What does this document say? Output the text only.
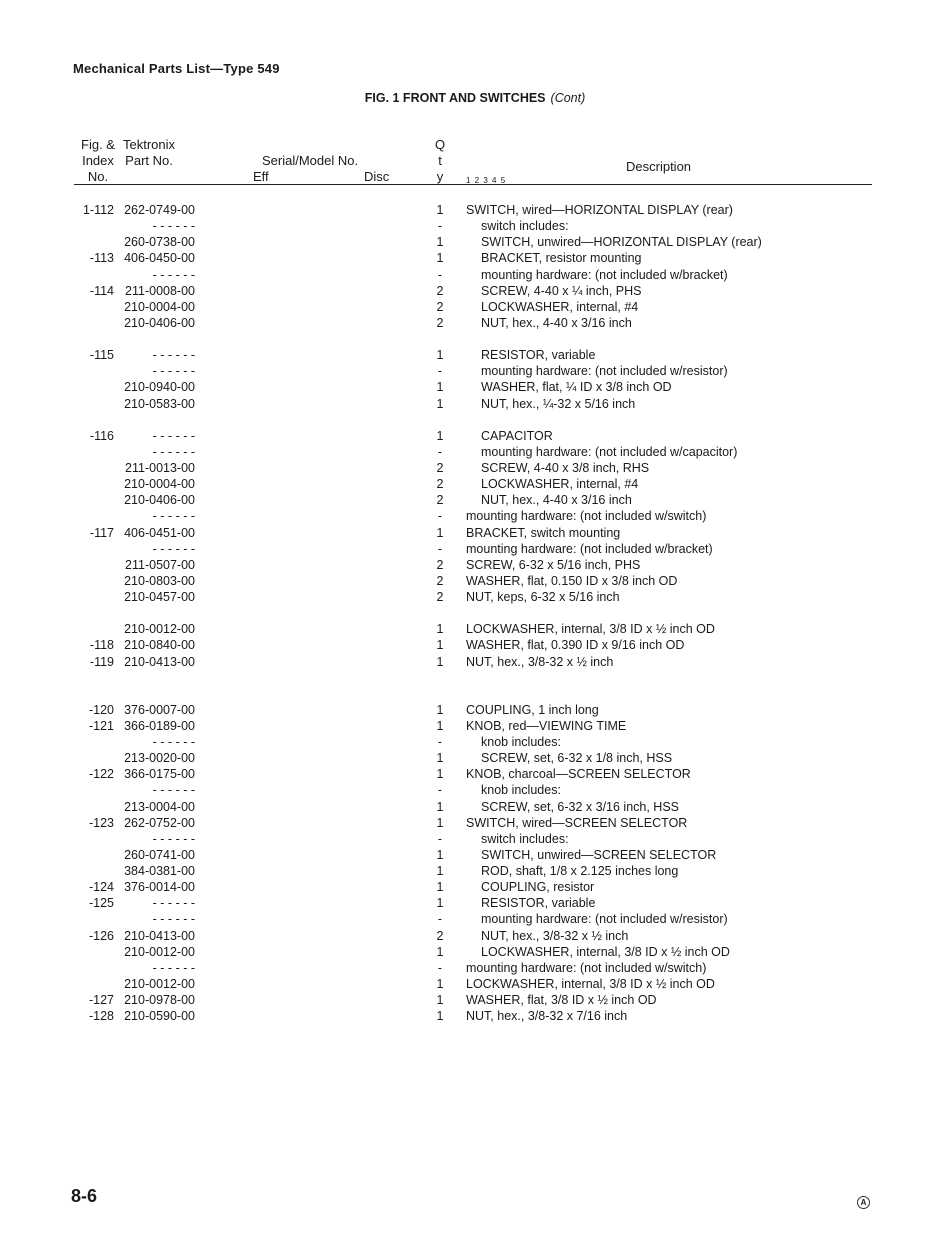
Mechanical Parts List—Type 549
FIG. 1 FRONT AND SWITCHES (Cont)
Fig. &
Index
No.
Tektronix
Part No.	Serial/Model No.
Eff	Disc
Q
t
y	1 2 3 4 5
Description
1-112 262-0749-00	1 SWITCH, wired—HORIZONTAL DISPLAY (rear)
- - - - - -	-	switch includes:
260-0738-00	1	SWITCH, unwired—HORIZONTAL DISPLAY (rear)
-113 406-0450-00	1	BRACKET, resistor mounting
- - - - - -	-	mounting hardware: (not included w/bracket)
-114 211-0008-00	2	SCREW, 4-40 x ¼ inch, PHS
210-0004-00	2	LOCKWASHER, internal, #4
210-0406-00	2	NUT, hex., 4-40 x 3/16 inch
-115	- - - - - -	1	RESISTOR, variable
- - - - - -	-	mounting hardware: (not included w/resistor)
210-0940-00	1	WASHER, flat, ¼ ID x 3/8 inch OD
210-0583-00	1	NUT, hex., ¼-32 x 5/16 inch
-116	- - - - - -	1	CAPACITOR
- - - - - -	-	mounting hardware: (not included w/capacitor)
211-0013-00	2	SCREW, 4-40 x 3/8 inch, RHS
210-0004-00	2	LOCKWASHER, internal, #4
210-0406-00	2	NUT, hex., 4-40 x 3/16 inch
- - - - - -	-	mounting hardware: (not included w/switch)
-117 406-0451-00	1 BRACKET, switch mounting
- - - - - -	-	mounting hardware: (not included w/bracket)
211-0507-00	2 SCREW, 6-32 x 5/16 inch, PHS
210-0803-00	2 WASHER, flat, 0.150 ID x 3/8 inch OD
210-0457-00	2 NUT, keps, 6-32 x 5/16 inch
210-0012-00	1 LOCKWASHER, internal, 3/8 ID x ½ inch OD
-118 210-0840-00	1 WASHER, flat, 0.390 ID x 9/16 inch OD
-119 210-0413-00	1 NUT, hex., 3/8-32 x ½ inch
-120 376-0007-00	1 COUPLING, 1 inch long
-121 366-0189-00	1 KNOB, red—VIEWING TIME
- - - - - -	-	knob includes:
213-0020-00	1	SCREW, set, 6-32 x 1/8 inch, HSS
-122 366-0175-00	1 KNOB, charcoal—SCREEN SELECTOR
- - - - - -	-	knob includes:
213-0004-00	1	SCREW, set, 6-32 x 3/16 inch, HSS
-123 262-0752-00	1 SWITCH, wired—SCREEN SELECTOR
- - - - - -	-	switch includes:
260-0741-00	1	SWITCH, unwired—SCREEN SELECTOR
384-0381-00	1	ROD, shaft, 1/8 x 2.125 inches long
-124 376-0014-00	1	COUPLING, resistor
-125	- - - - - -	1	RESISTOR, variable
- - - - - -	-	mounting hardware: (not included w/resistor)
-126 210-0413-00	2	NUT, hex., 3/8-32 x ½ inch
210-0012-00	1	LOCKWASHER, internal, 3/8 ID x ½ inch OD
- - - - - -	-	mounting hardware: (not included w/switch)
210-0012-00	1 LOCKWASHER, internal, 3/8 ID x ½ inch OD
-127 210-0978-00	1 WASHER, flat, 3/8 ID x ½ inch OD
-128 210-0590-00	1 NUT, hex., 3/8-32 x 7/16 inch
8-6	A
